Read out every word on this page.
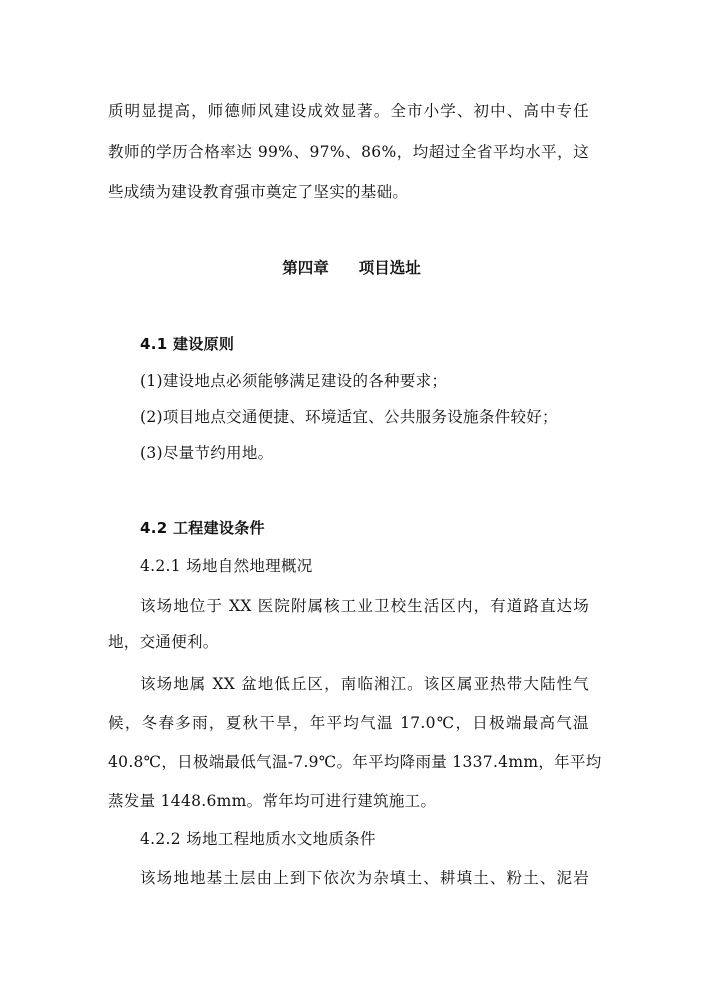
质明显提高，师德师风建设成效显著。全市小学、初中、高中专任
教师的学历合格率达 99%、97%、86%，均超过全省平均水平，这
些成绩为建设教育强市奠定了坚实的基础。
第四章 项目选址
4.1 建设原则
(1)建设地点必须能够满足建设的各种要求；
(2)项目地点交通便捷、环境适宜、公共服务设施条件较好；
(3)尽量节约用地。
4.2 工程建设条件
4.2.1 场地自然地理概况
该场地位于 XX 医院附属核工业卫校生活区内，有道路直达场
地，交通便利。
该场地属 XX 盆地低丘区，南临湘江。该区属亚热带大陆性气
候，冬春多雨，夏秋干旱，年平均气温 17.0℃，日极端最高气温
40.8℃，日极端最低气温-7.9℃。年平均降雨量 1337.4mm，年平均
蒸发量 1448.6mm。常年均可进行建筑施工。
4.2.2 场地工程地质水文地质条件
该场地地基土层由上到下依次为杂填土、耕填土、粉土、泥岩
